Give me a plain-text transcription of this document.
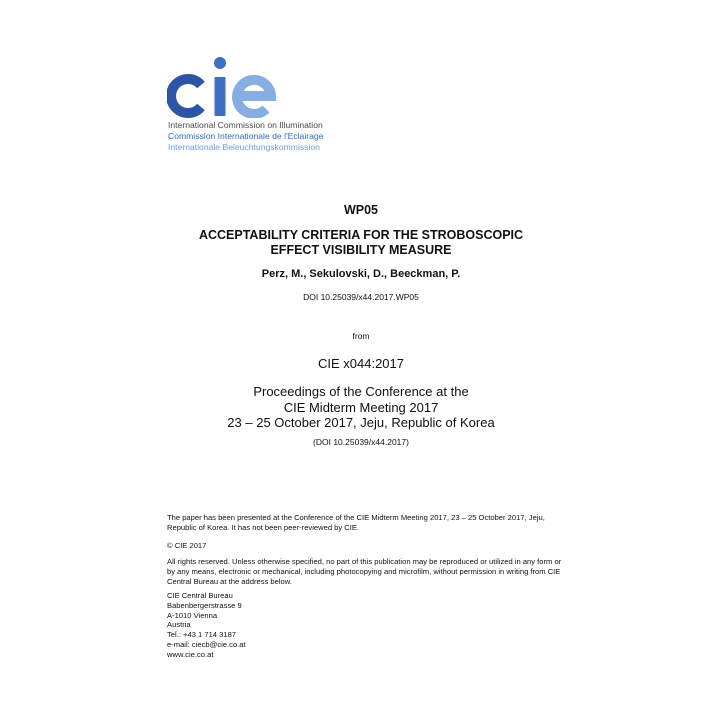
International Commission on Illumination
Commission Internationale de l'Eclairage
Internationale Beleuchtungskommission
WP05
ACCEPTABILITY CRITERIA FOR THE STROBOSCOPIC
EFFECT VISIBILITY MEASURE
Perz, M., Sekulovski, D., Beeckman, P.
DOI 10.25039/x44.2017.WP05
from
CIE x044:2017
Proceedings of the Conference at the
CIE Midterm Meeting 2017
23 – 25 October 2017, Jeju, Republic of Korea
(DOI 10.25039/x44.2017)
The paper has been presented at the Conference of the CIE Midterm Meeting 2017, 23 – 25 October 2017, Jeju, Republic of Korea. It has not been peer-reviewed by CIE.
© CIE 2017
All rights reserved. Unless otherwise specified, no part of this publication may be reproduced or utilized in any form or by any means, electronic or mechanical, including photocopying and microfilm, without permission in writing from CIE Central Bureau at the address below.
CIE Central Bureau
Babenbergerstrasse 9
A-1010 Vienna
Austria
Tel.: +43 1 714 3187
e-mail: ciecb@cie.co.at
www.cie.co.at
